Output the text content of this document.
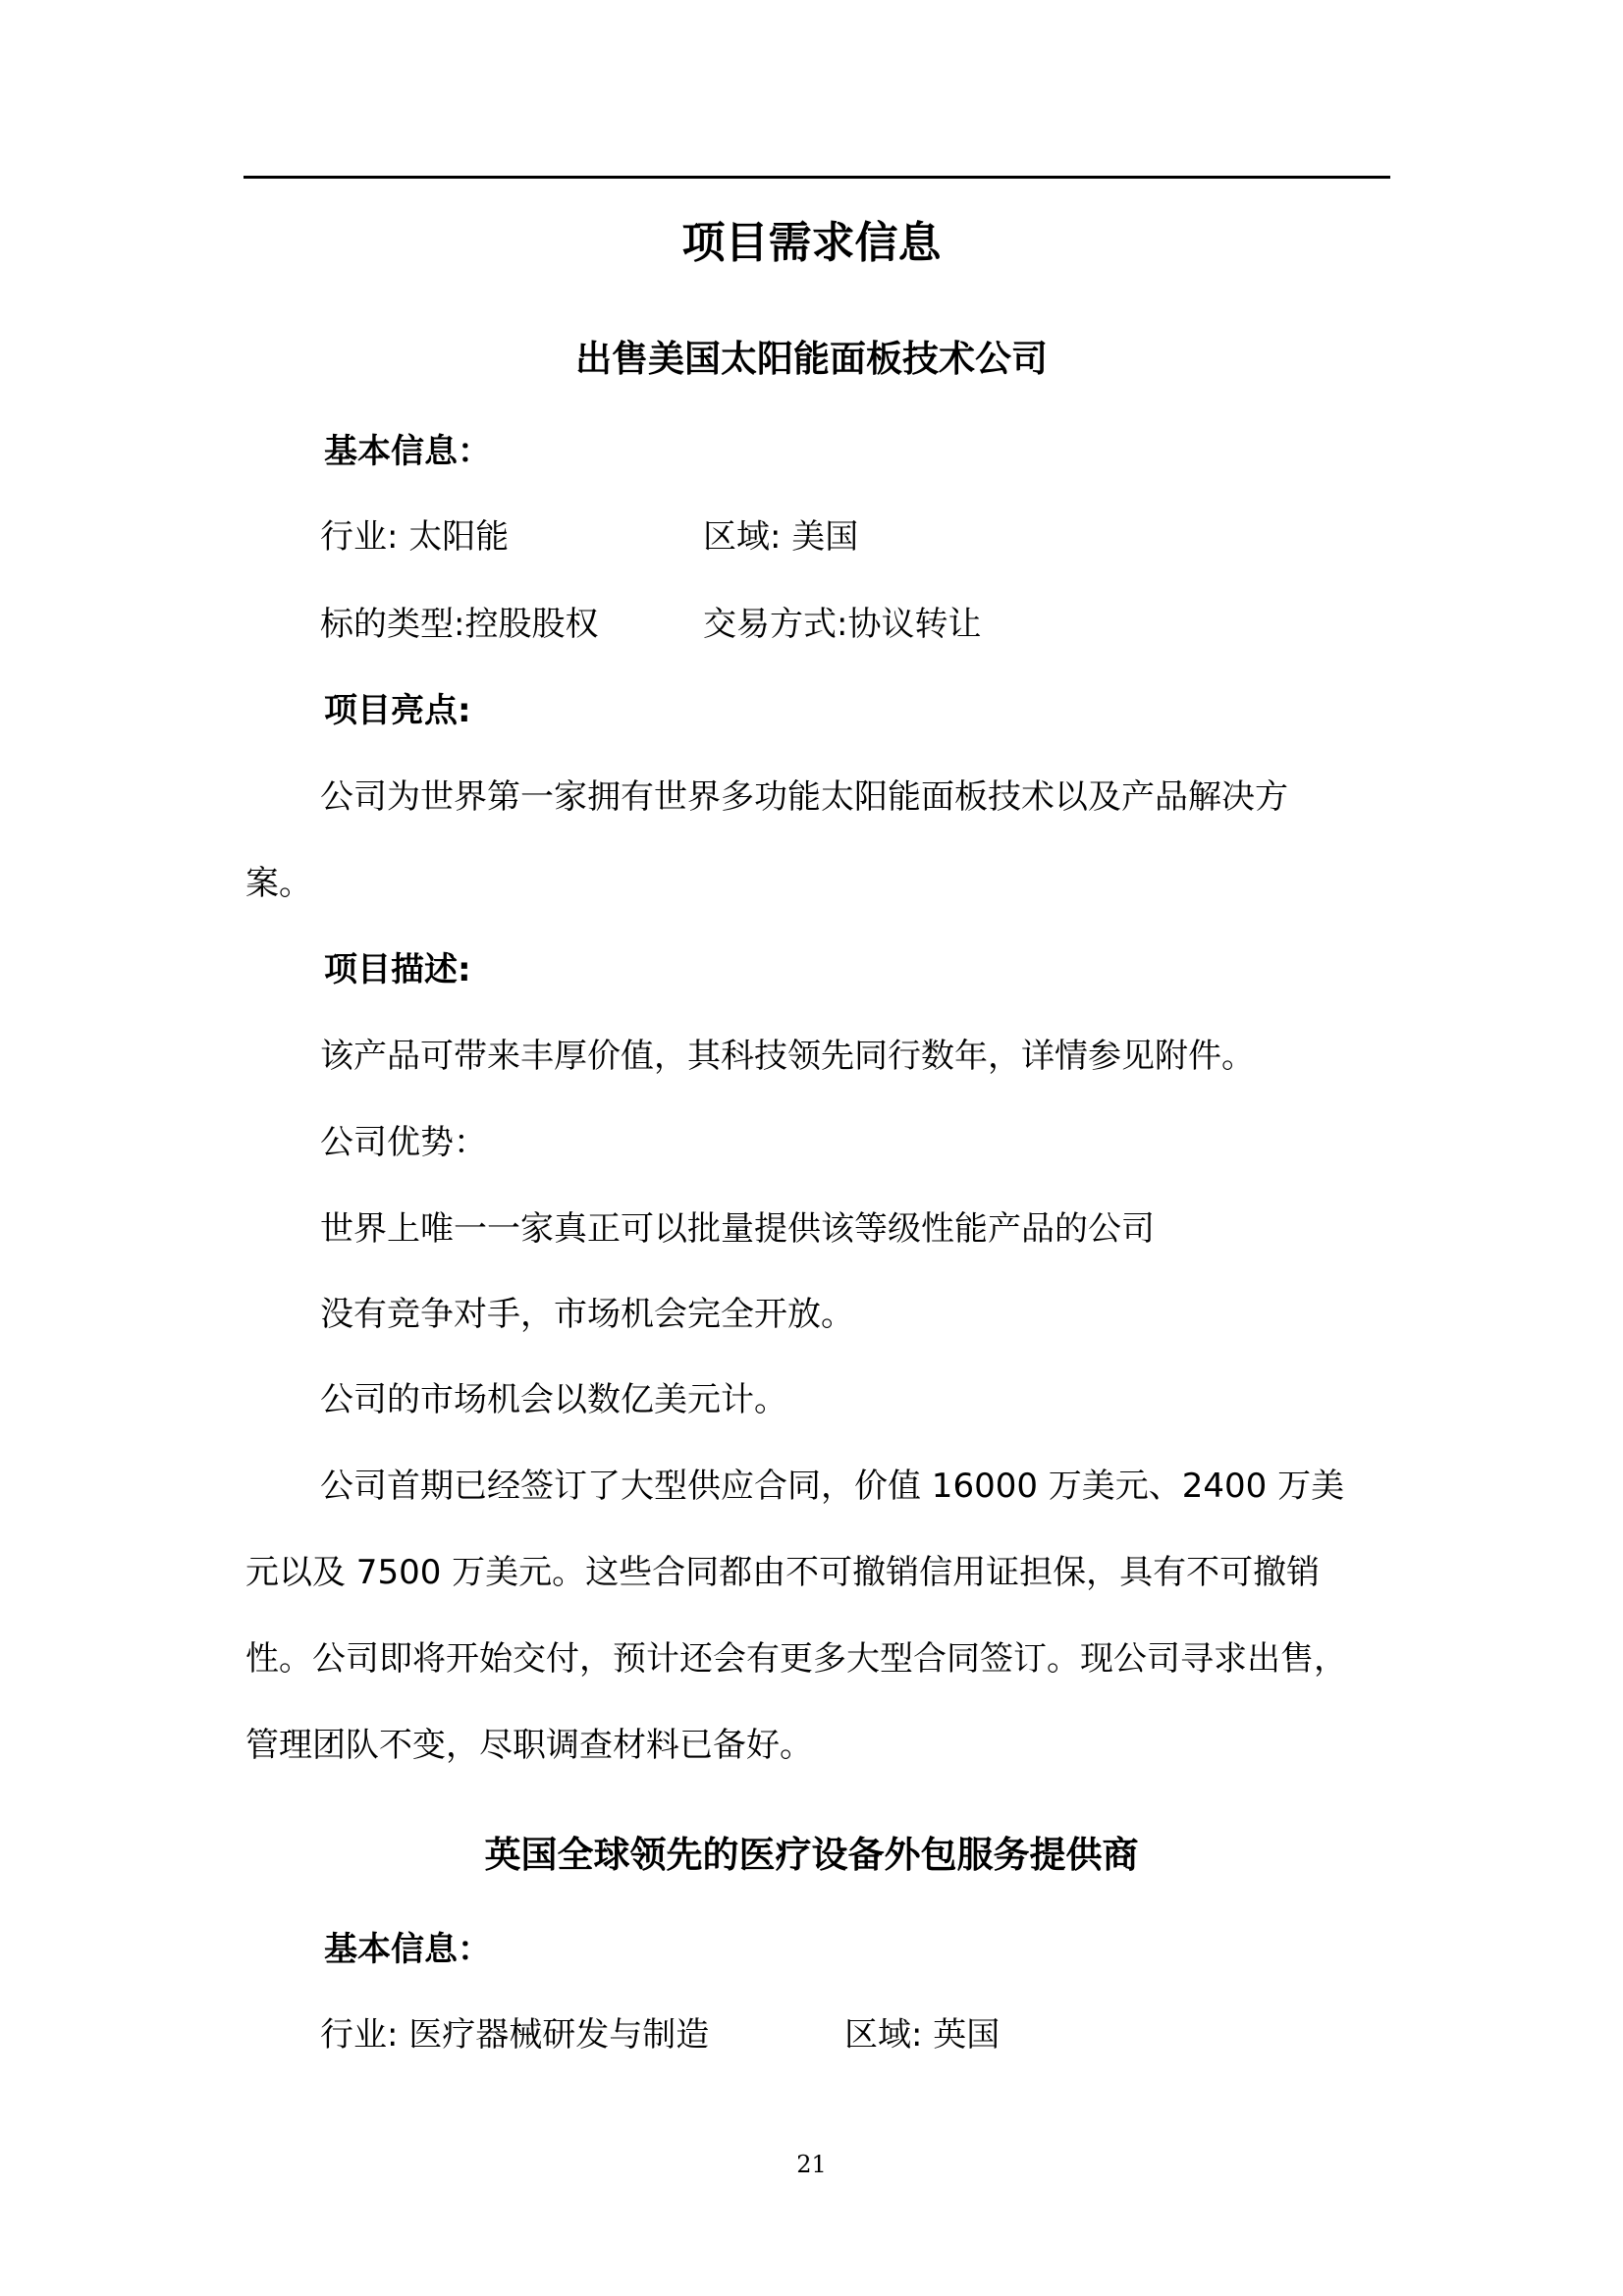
项目需求信息
出售美国太阳能面板技术公司
基本信息：
行业: 太阳能	区域: 美国
标的类型:控股股权	交易方式:协议转让
项目亮点:
公司为世界第一家拥有世界多功能太阳能面板技术以及产品解决方
案。
项目描述:
该产品可带来丰厚价值，其科技领先同行数年，详情参见附件。
公司优势：
世界上唯一一家真正可以批量提供该等级性能产品的公司
没有竞争对手，市场机会完全开放。
公司的市场机会以数亿美元计。
公司首期已经签订了大型供应合同，价值 16000 万美元、2400 万美
元以及 7500 万美元。这些合同都由不可撤销信用证担保，具有不可撤销
性。公司即将开始交付，预计还会有更多大型合同签订。现公司寻求出售，
管理团队不变，尽职调查材料已备好。
英国全球领先的医疗设备外包服务提供商
基本信息：
行业: 医疗器械研发与制造	区域: 英国
21
